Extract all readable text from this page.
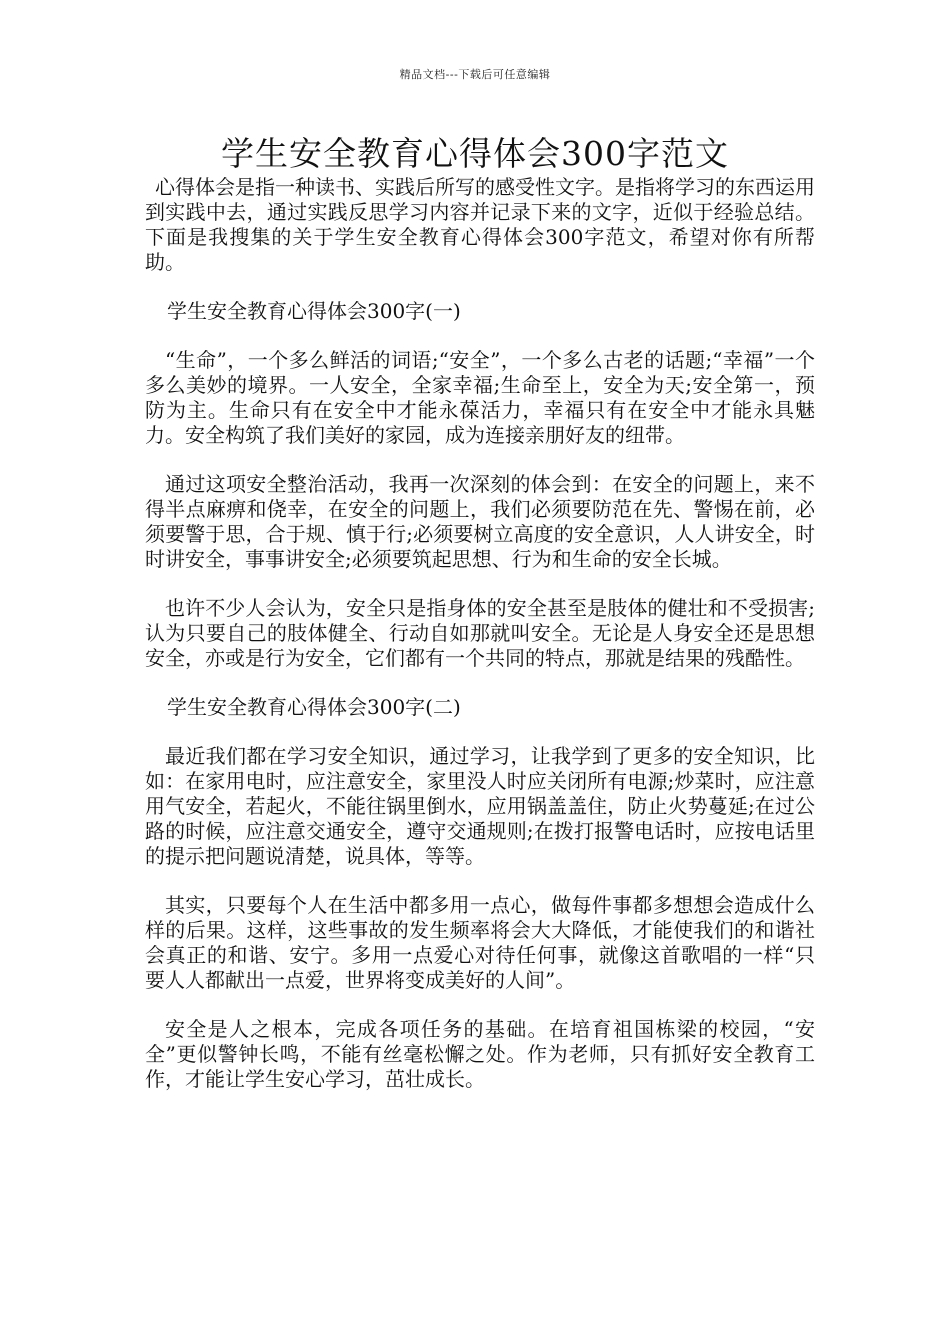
精品文档---下载后可任意编辑
学生安全教育心得体会300字范文

心得体会是指一种读书、实践后所写的感受性文字。是指将学习的东西运用到实践中去，通过实践反思学习内容并记录下来的文字，近似于经验总结。下面是我搜集的关于学生安全教育心得体会300字范文，希望对你有所帮助。

学生安全教育心得体会300字(一)

“生命”，一个多么鲜活的词语;“安全”，一个多么古老的话题;“幸福”一个多么美妙的境界。一人安全，全家幸福;生命至上，安全为天;安全第一，预防为主。生命只有在安全中才能永葆活力，幸福只有在安全中才能永具魅力。安全构筑了我们美好的家园，成为连接亲朋好友的纽带。

通过这项安全整治活动，我再一次深刻的体会到：在安全的问题上，来不得半点麻痹和侥幸，在安全的问题上，我们必须要防范在先、警惕在前，必须要警于思，合于规、慎于行;必须要树立高度的安全意识，人人讲安全，时时讲安全，事事讲安全;必须要筑起思想、行为和生命的安全长城。

也许不少人会认为，安全只是指身体的安全甚至是肢体的健壮和不受损害;认为只要自己的肢体健全、行动自如那就叫安全。无论是人身安全还是思想安全，亦或是行为安全，它们都有一个共同的特点，那就是结果的残酷性。

学生安全教育心得体会300字(二)

最近我们都在学习安全知识，通过学习，让我学到了更多的安全知识，比如：在家用电时，应注意安全，家里没人时应关闭所有电源;炒菜时，应注意用气安全，若起火，不能往锅里倒水，应用锅盖盖住，防止火势蔓延;在过公路的时候，应注意交通安全，遵守交通规则;在拨打报警电话时，应按电话里的提示把问题说清楚，说具体，等等。

其实，只要每个人在生活中都多用一点心，做每件事都多想想会造成什么样的后果。这样，这些事故的发生频率将会大大降低，才能使我们的和谐社会真正的和谐、安宁。多用一点爱心对待任何事，就像这首歌唱的一样“只要人人都献出一点爱，世界将变成美好的人间”。

安全是人之根本，完成各项任务的基础。在培育祖国栋梁的校园，“安全”更似警钟长鸣，不能有丝毫松懈之处。作为老师，只有抓好安全教育工作，才能让学生安心学习，茁壮成长。
